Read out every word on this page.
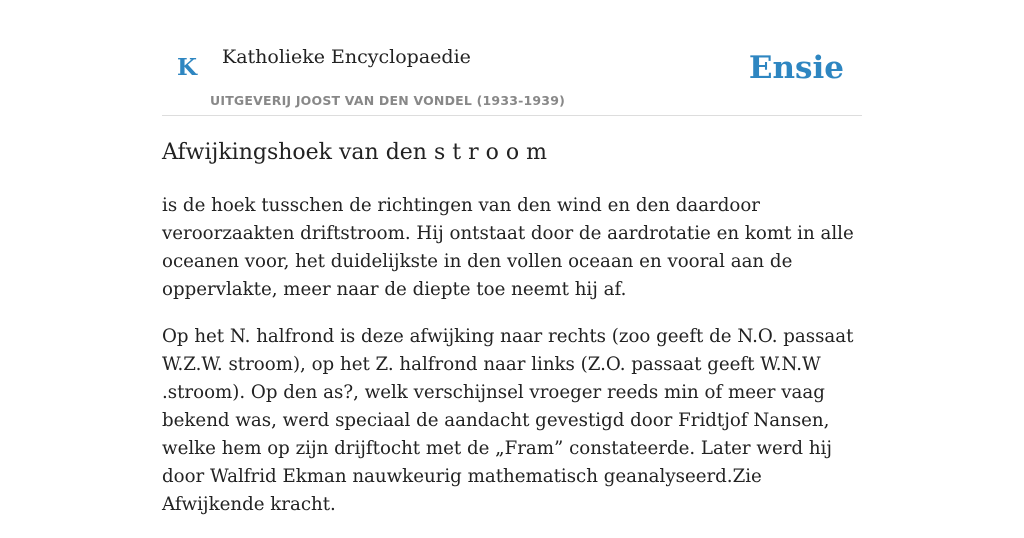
K Katholieke Encyclopaedie
UITGEVERIJ JOOST VAN DEN VONDEL (1933-1939)
Ensie
Afwijkingshoek van den s t r o o m

is de hoek tusschen de richtingen van den wind en den daardoor veroorzaakten driftstroom. Hij ontstaat door de aardrotatie en komt in alle oceanen voor, het duidelijkste in den vollen oceaan en vooral aan de oppervlakte, meer naar de diepte toe neemt hij af.

Op het N. halfrond is deze afwijking naar rechts (zoo geeft de N.O. passaat W.Z.W. stroom), op het Z. halfrond naar links (Z.O. passaat geeft W.N.W .stroom). Op den as?, welk verschijnsel vroeger reeds min of meer vaag bekend was, werd speciaal de aandacht gevestigd door Fridtjof Nansen, welke hem op zijn drijftocht met de „Fram” constateerde. Later werd hij door Walfrid Ekman nauwkeurig mathematisch geanalyseerd.Zie Afwijkende kracht.
